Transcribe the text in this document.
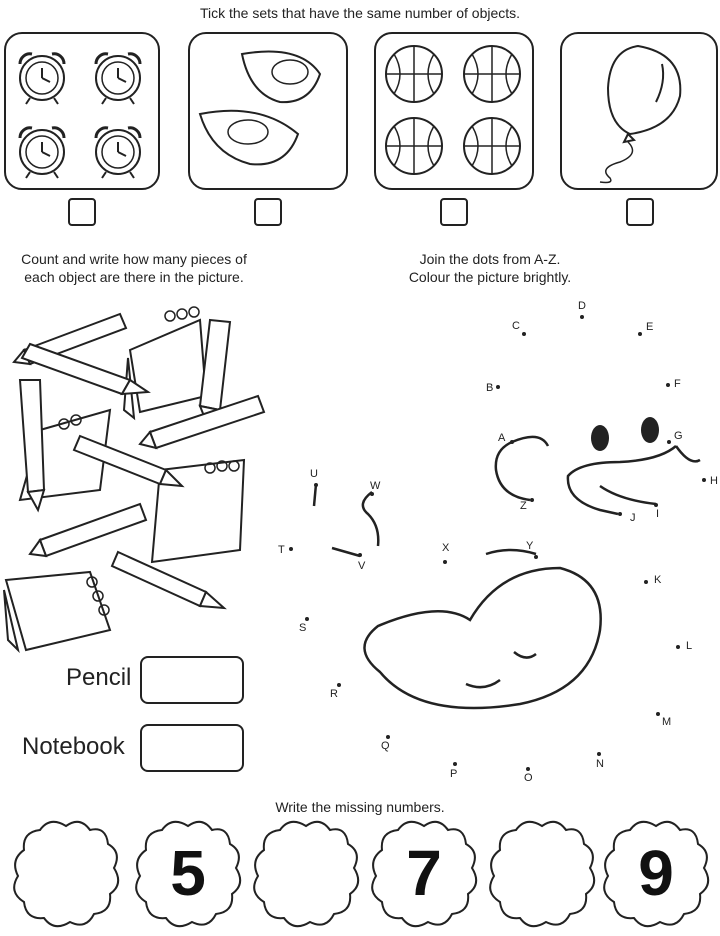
Tick the sets that have the same number of objects.
Count and write how many pieces of
each object are there in the picture.
Pencil
Notebook
Join the dots from A-Z.
Colour the picture brightly.
A
B
C
D
E
F
G
H
I
J
K
L
M
N
O
P
Q
R
S
T
U
V
W
X	Y
Z
Write the missing numbers.
5	7	9
